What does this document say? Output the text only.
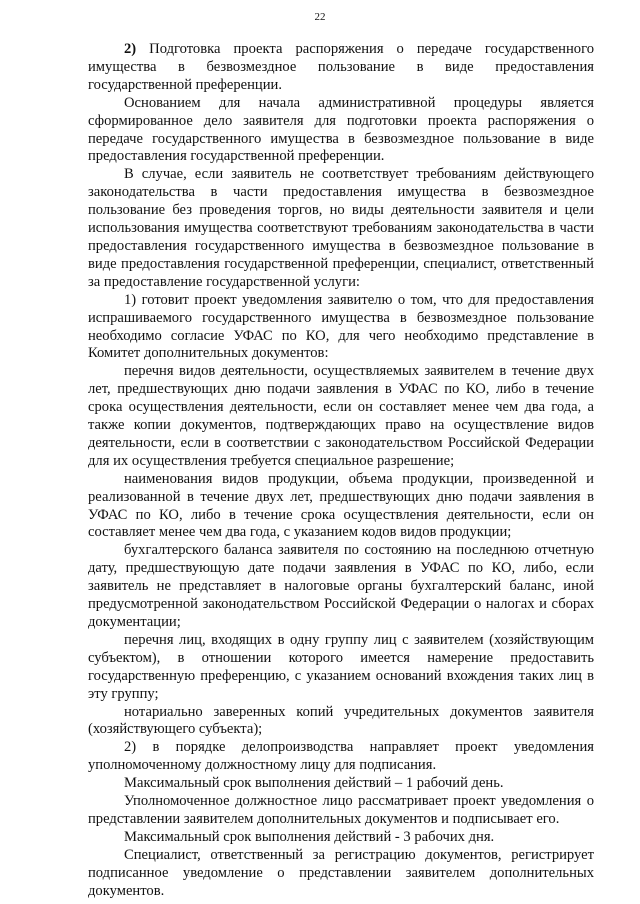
22

2) Подготовка проекта распоряжения о передаче государственного имущества в безвозмездное пользование в виде предоставления государственной преференции.

Основанием для начала административной процедуры является сформированное дело заявителя для подготовки проекта распоряжения о передаче государственного имущества в безвозмездное пользование в виде предоставления государственной преференции.

В случае, если заявитель не соответствует требованиям действующего законодательства в части предоставления имущества в безвозмездное пользование без проведения торгов, но виды деятельности заявителя и цели использования имущества соответствуют требованиям законодательства в части предоставления государственного имущества в безвозмездное пользование в виде предоставления государственной преференции, специалист, ответственный за предоставление государственной услуги:

1) готовит проект уведомления заявителю о том, что для предоставления испрашиваемого государственного имущества в безвозмездное пользование необходимо согласие УФАС по КО, для чего необходимо представление в Комитет дополнительных документов:

перечня видов деятельности, осуществляемых заявителем в течение двух лет, предшествующих дню подачи заявления в УФАС по КО, либо в течение срока осуществления деятельности, если он составляет менее чем два года, а также копии документов, подтверждающих право на осуществление видов деятельности, если в соответствии с законодательством Российской Федерации для их осуществления требуется специальное разрешение;

наименования видов продукции, объема продукции, произведенной и реализованной в течение двух лет, предшествующих дню подачи заявления в УФАС по КО, либо в течение срока осуществления деятельности, если он составляет менее чем два года, с указанием кодов видов продукции;

бухгалтерского баланса заявителя по состоянию на последнюю отчетную дату, предшествующую дате подачи заявления в УФАС по КО, либо, если заявитель не представляет в налоговые органы бухгалтерский баланс, иной предусмотренной законодательством Российской Федерации о налогах и сборах документации;

перечня лиц, входящих в одну группу лиц с заявителем (хозяйствующим субъектом), в отношении которого имеется намерение предоставить государственную преференцию, с указанием оснований вхождения таких лиц в эту группу;

нотариально заверенных копий учредительных документов заявителя (хозяйствующего субъекта);

2) в порядке делопроизводства направляет проект уведомления уполномоченному должностному лицу для подписания.

Максимальный срок выполнения действий – 1 рабочий день.

Уполномоченное должностное лицо рассматривает проект уведомления о представлении заявителем дополнительных документов и подписывает его.

Максимальный срок выполнения действий - 3 рабочих дня.

Специалист, ответственный за регистрацию документов, регистрирует подписанное уведомление о представлении заявителем дополнительных документов.
